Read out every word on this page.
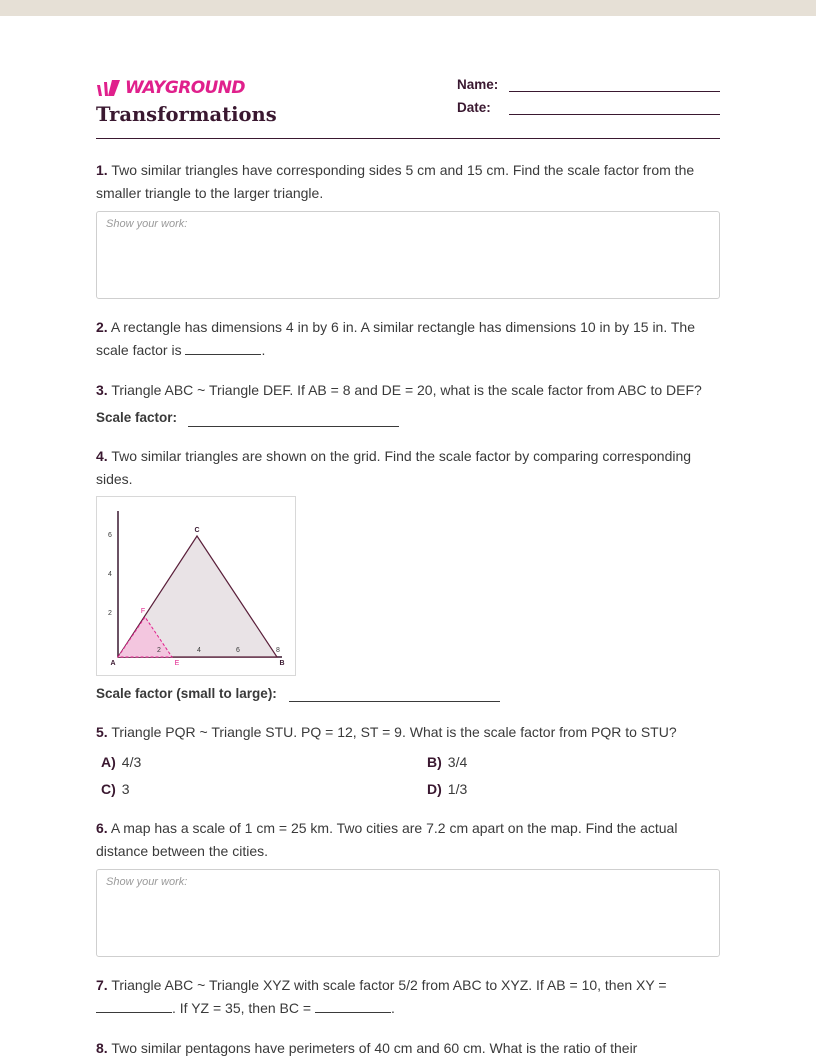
WAYGROUND
Transformations
Name:
Date:
1. Two similar triangles have corresponding sides 5 cm and 15 cm. Find the scale factor from the smaller triangle to the larger triangle.
Show your work:
2. A rectangle has dimensions 4 in by 6 in. A similar rectangle has dimensions 10 in by 15 in. The scale factor is	.
3. Triangle ABC ~ Triangle DEF. If AB = 8 and DE = 20, what is the scale factor from ABC to DEF?
Scale factor:
4. Two similar triangles are shown on the grid. Find the scale factor by comparing corresponding sides.
6
4
2
2	4	6	8
A	B
C
E
F
Scale factor (small to large):
5. Triangle PQR ~ Triangle STU. PQ = 12, ST = 9. What is the scale factor from PQR to STU?
A) 4/3	B) 3/4
C) 3	D) 1/3
6. A map has a scale of 1 cm = 25 km. Two cities are 7.2 cm apart on the map. Find the actual distance between the cities.
Show your work:
7. Triangle ABC ~ Triangle XYZ with scale factor 5/2 from ABC to XYZ. If AB = 10, then XY = . If YZ = 35, then BC =	.
8. Two similar pentagons have perimeters of 40 cm and 60 cm. What is the ratio of their
